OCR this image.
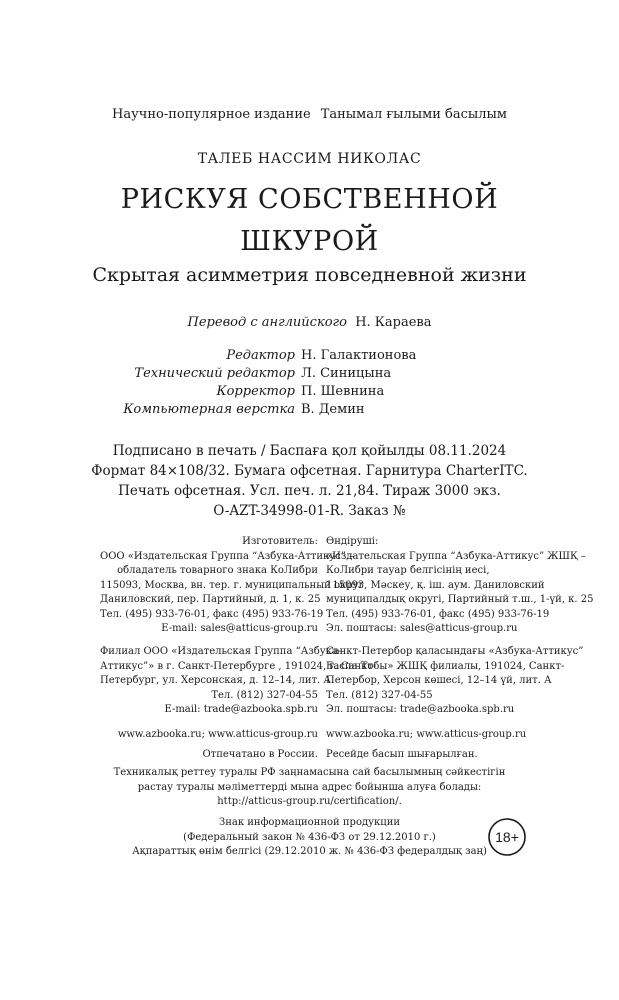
Научно-популярное издание Танымал ғылыми басылым
ТАЛЕБ НАССИМ НИКОЛАС
РИСКУЯ СОБСТВЕННОЙ
ШКУРОЙ
Скрытая асимметрия повседневной жизни
Перевод с английского Н. Караева
Редактор Н. Галактионова
Технический редактор Л. Синицына
Корректор П. Шевнина
Компьютерная верстка В. Демин
Подписано в печать / Баспаға қол қойылды 08.11.2024
Формат 84×108/32. Бумага офсетная. Гарнитура CharterITC.
Печать офсетная. Усл. печ. л. 21,84. Тираж 3000 экз.
O-AZT-34998-01-R. Заказ №
Изготовитель:
ООО «Издательская Группа “Азбука-Аттикус” –
обладатель товарного знака КоЛибри
115093, Москва, вн. тер. г. муниципальный округ
Даниловский, пер. Партийный, д. 1, к. 25
Тел. (495) 933-76-01, факс (495) 933-76-19
E-mail: sales@atticus-group.ru
Өндіруші:
«Издательская Группа “Азбука-Аттикус” ЖШҚ –
КоЛибри тауар белгісінің иесі,
115093, Мәскеу, қ. іш. аум. Даниловский
муниципалдық округі, Партийный т.ш., 1-үй, к. 25
Тел. (495) 933-76-01, факс (495) 933-76-19
Эл. поштасы: sales@atticus-group.ru
Филиал ООО «Издательская Группа “Азбука-
Аттикус”» в г. Санкт-Петербурге , 191024, г. Санкт-
Петербург, ул. Херсонская, д. 12–14, лит. А
Тел. (812) 327-04-55
E-mail: trade@azbooka.spb.ru
Санкт-Петербор қаласындағы «Азбука-Аттикус”
Баспа Тобы» ЖШҚ филиалы, 191024, Санкт-
Петербор, Херсон көшесі, 12–14 үй, лит. А
Тел. (812) 327-04-55
Эл. поштасы: trade@azbooka.spb.ru
www.azbooka.ru; www.atticus-group.ru www.azbooka.ru; www.atticus-group.ru
Отпечатано в России. Ресейде басып шығарылған.
Техникалық реттеу туралы РФ заңнамасына сай басылымның сәйкестігін
растау туралы мәліметтерді мына адрес бойынша алуға болады:
http://atticus-group.ru/certification/.
Знак информационной продукции
(Федеральный закон № 436-ФЗ от 29.12.2010 г.)
Ақпараттық өнім белгісі (29.12.2010 ж. № 436-ФЗ федералдық заң)
18+
